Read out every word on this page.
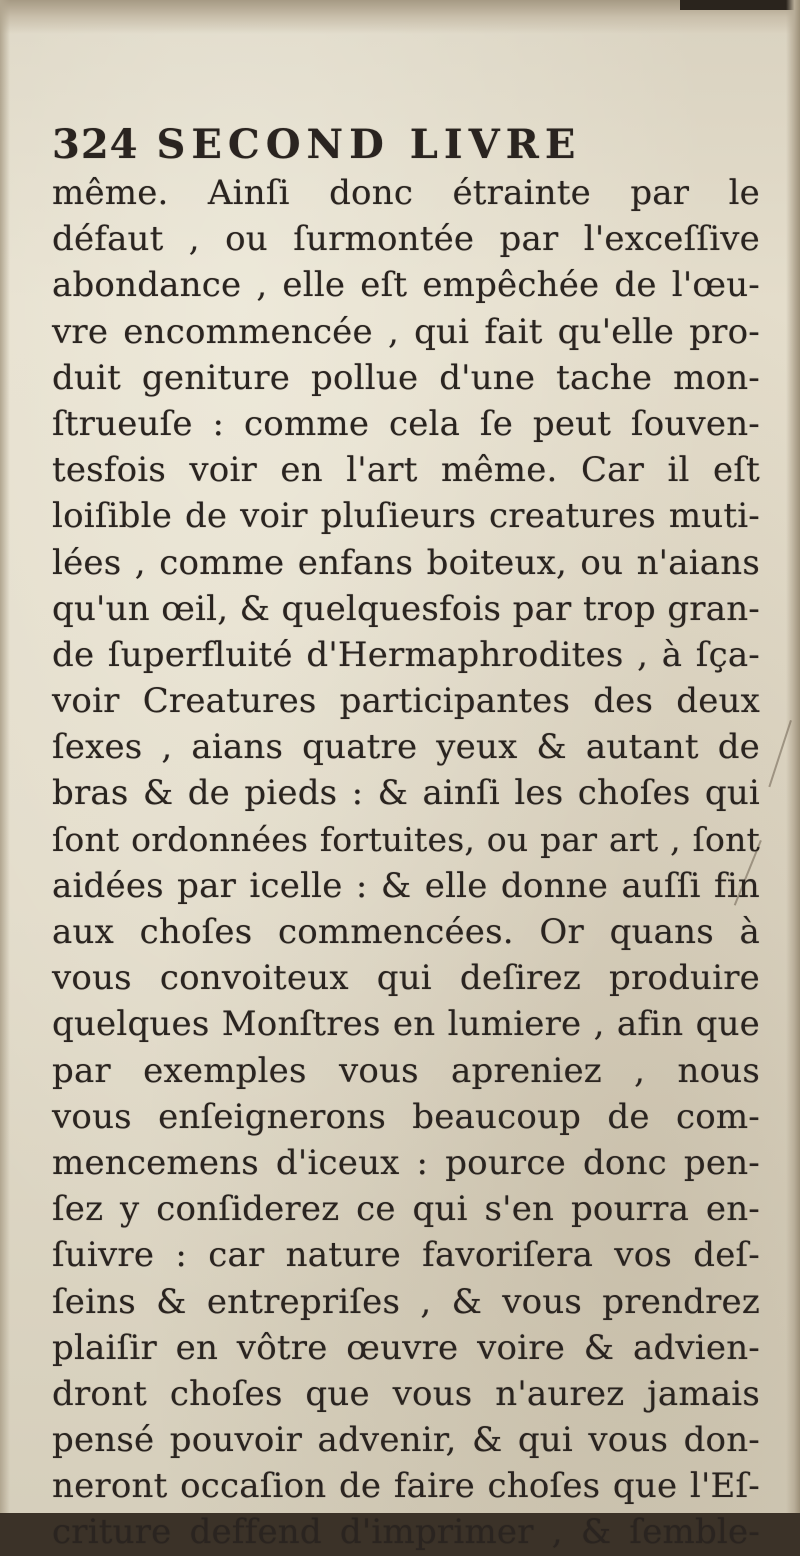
324 SECOND LIVRE
même. Ainſi donc étrainte par le
défaut , ou ſurmontée par l'exceſſive
abondance , elle eſt empêchée de l'œu-
vre encommencée , qui fait qu'elle pro-
duit geniture pollue d'une tache mon-
ſtrueuſe : comme cela ſe peut ſouven-
tesfois voir en l'art même. Car il eſt
loiſible de voir pluſieurs creatures muti-
lées , comme enfans boiteux, ou n'aians
qu'un œil, & quelquesfois par trop gran-
de ſuperfluité d'Hermaphrodites , à ſça-
voir Creatures participantes des deux
ſexes , aians quatre yeux & autant de
bras & de pieds : & ainſi les choſes qui
ſont ordonnées fortuites, ou par art , ſont
aidées par icelle : & elle donne auſſi fin
aux choſes commencées. Or quans à
vous convoiteux qui deſirez produire
quelques Monſtres en lumiere , afin que
par exemples vous apreniez , nous
vous enſeignerons beaucoup de com-
mencemens d'iceux : pource donc pen-
ſez y conſiderez ce qui s'en pourra en-
ſuivre : car nature favoriſera vos deſ-
ſeins & entrepriſes , & vous prendrez
plaiſir en vôtre œuvre voire & advien-
dront choſes que vous n'aurez jamais
pensé pouvoir advenir, & qui vous don-
neront occaſion de faire choſes que l'Eſ-
criture deffend d'imprimer , & ſemble-
